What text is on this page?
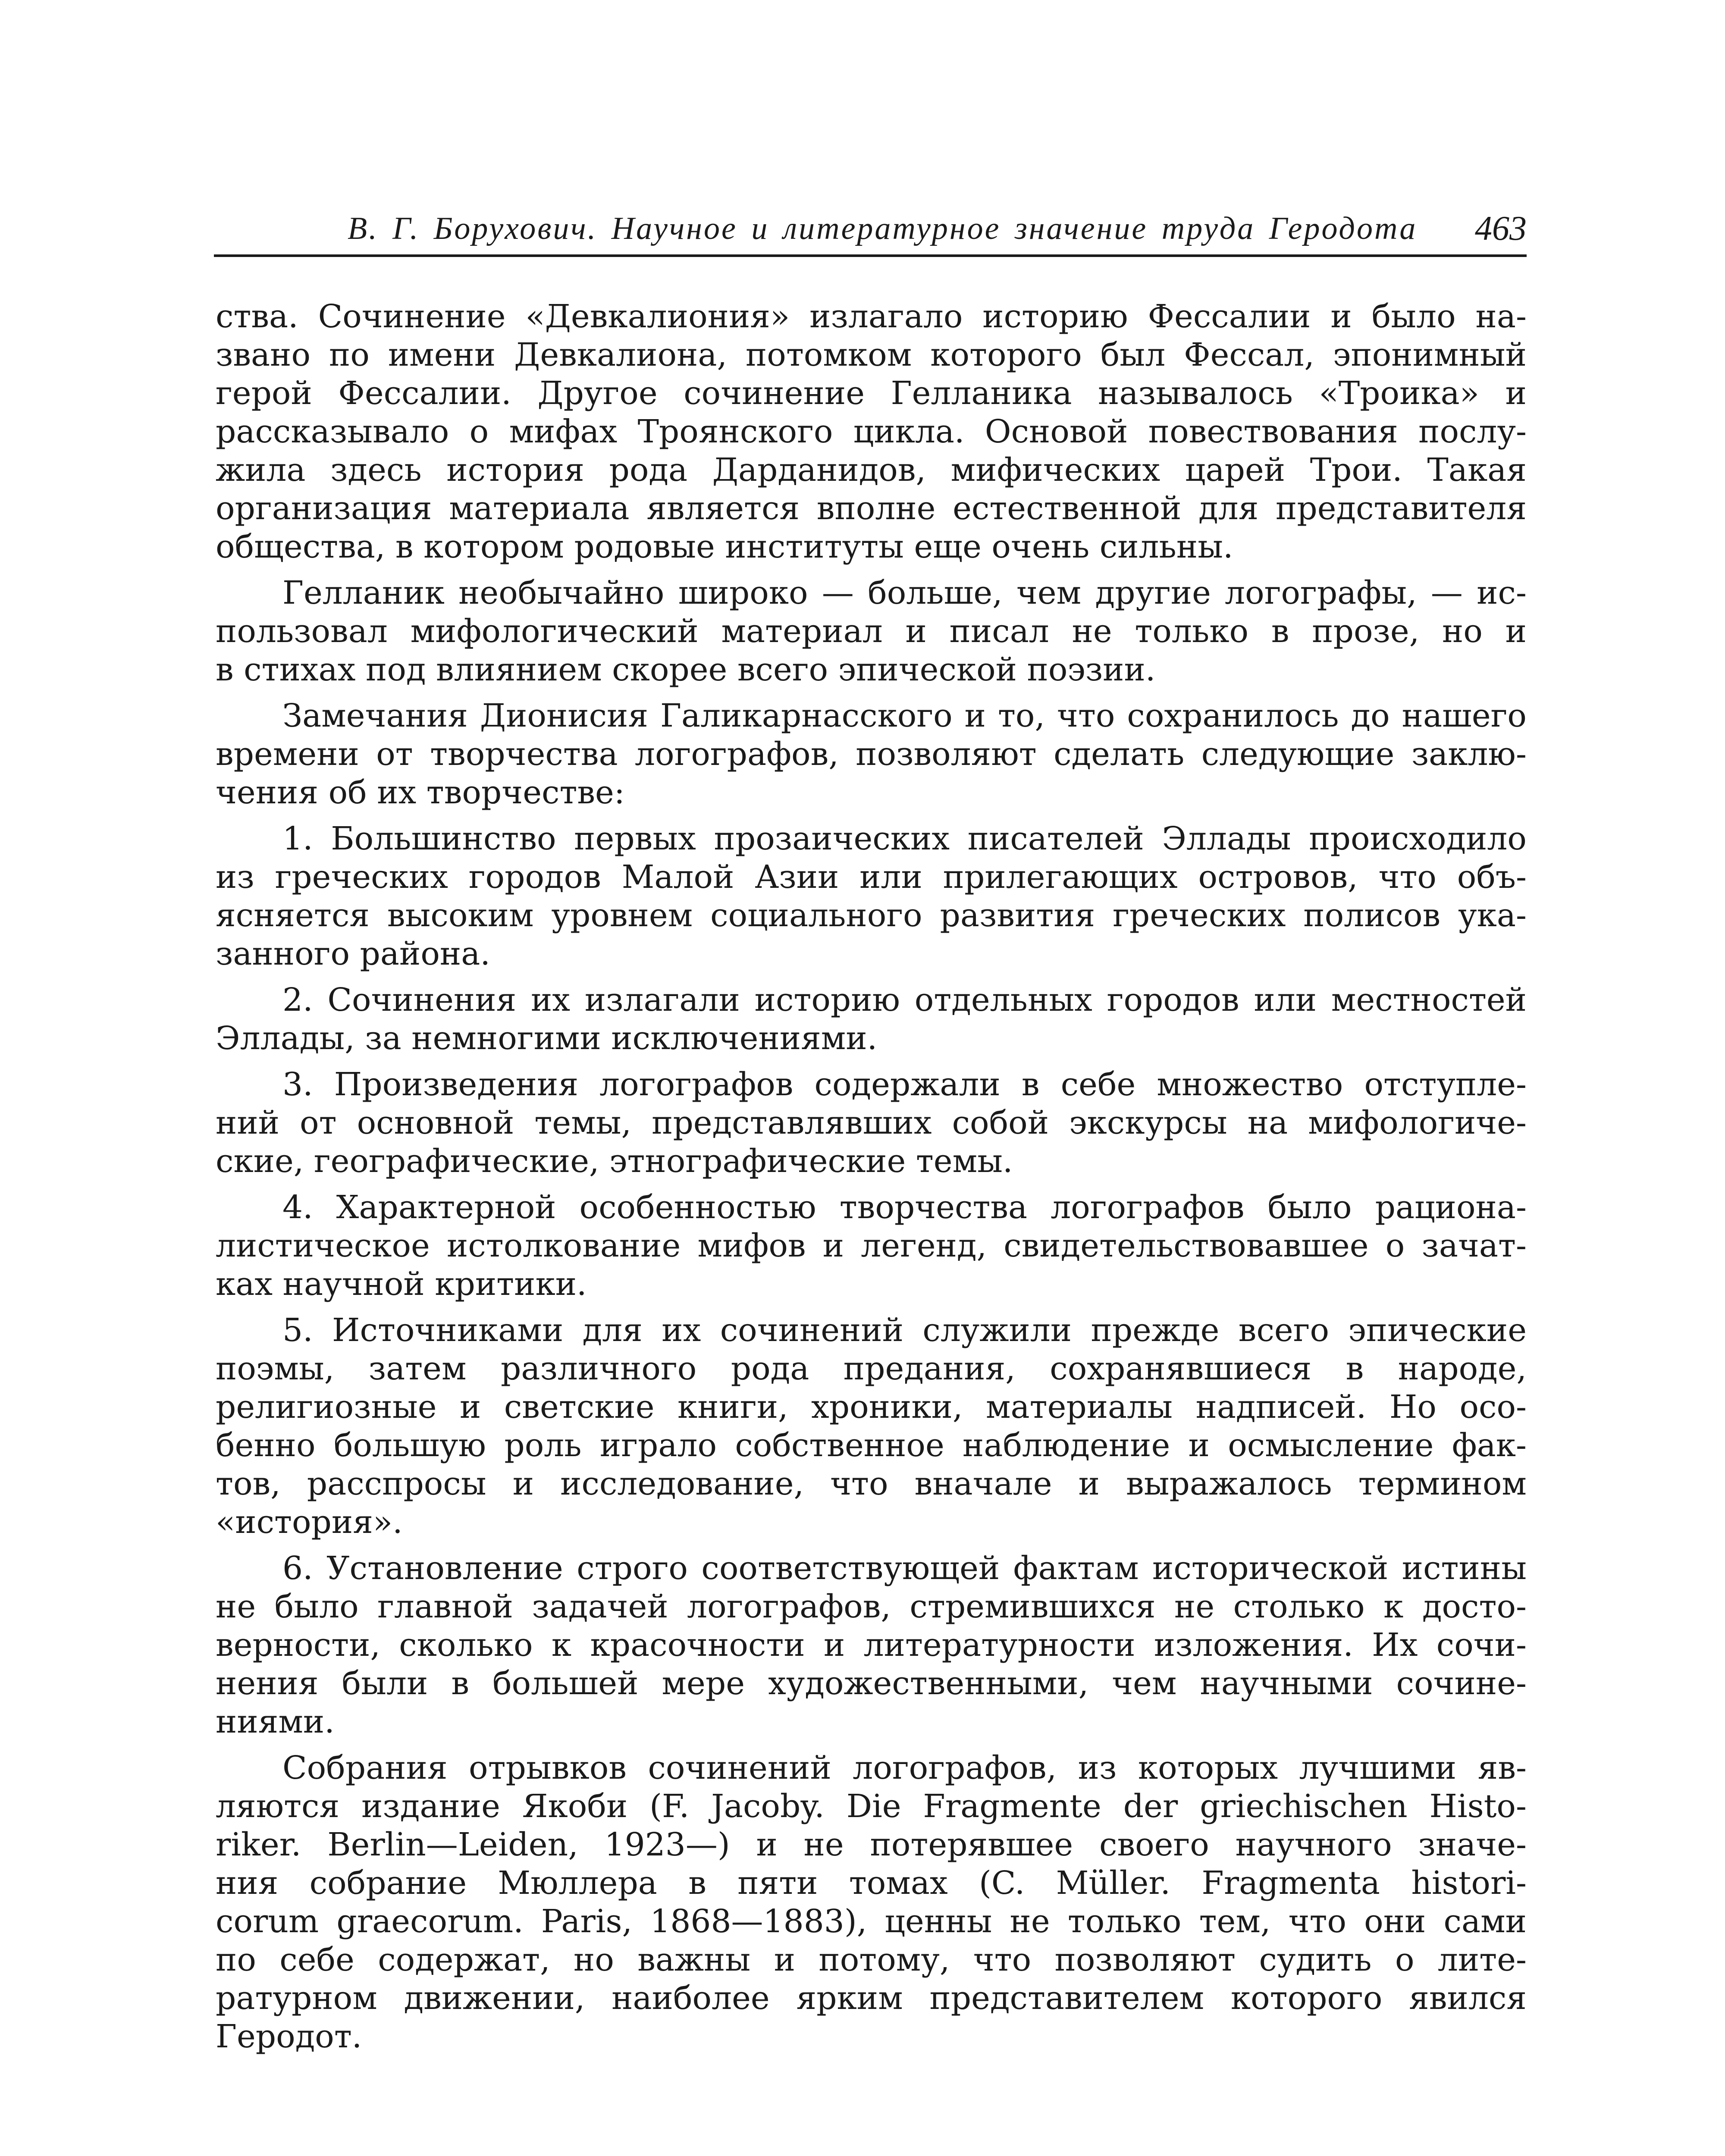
В. Г. Борухович. Научное и литературное значение труда Геродота 463
ства. Сочинение «Девкалиония» излагало историю Фессалии и было на-
звано по имени Девкалиона, потомком которого был Фессал, эпонимный
герой Фессалии. Другое сочинение Гелланика называлось «Троика» и
рассказывало о мифах Троянского цикла. Основой повествования послу-
жила здесь история рода Дарданидов, мифических царей Трои. Такая
организация материала является вполне естественной для представителя
общества, в котором родовые институты еще очень сильны.
Гелланик необычайно широко — больше, чем другие логографы, — ис-
пользовал мифологический материал и писал не только в прозе, но и
в стихах под влиянием скорее всего эпической поэзии.
Замечания Дионисия Галикарнасского и то, что сохранилось до нашего
времени от творчества логографов, позволяют сделать следующие заклю-
чения об их творчестве:
1. Большинство первых прозаических писателей Эллады происходило
из греческих городов Малой Азии или прилегающих островов, что объ-
ясняется высоким уровнем социального развития греческих полисов ука-
занного района.
2. Сочинения их излагали историю отдельных городов или местностей
Эллады, за немногими исключениями.
3. Произведения логографов содержали в себе множество отступле-
ний от основной темы, представлявших собой экскурсы на мифологиче-
ские, географические, этнографические темы.
4. Характерной особенностью творчества логографов было рациона-
листическое истолкование мифов и легенд, свидетельствовавшее о зачат-
ках научной критики.
5. Источниками для их сочинений служили прежде всего эпические
поэмы, затем различного рода предания, сохранявшиеся в народе,
религиозные и светские книги, хроники, материалы надписей. Но осо-
бенно большую роль играло собственное наблюдение и осмысление фак-
тов, расспросы и исследование, что вначале и выражалось термином
«история».
6. Установление строго соответствующей фактам исторической истины
не было главной задачей логографов, стремившихся не столько к досто-
верности, сколько к красочности и литературности изложения. Их сочи-
нения были в большей мере художественными, чем научными сочине-
ниями.
Собрания отрывков сочинений логографов, из которых лучшими яв-
ляются издание Якоби (F. Jacoby. Die Fragmente der griechischen Histo-
riker. Berlin—Leiden, 1923—) и не потерявшее своего научного значе-
ния собрание Мюллера в пяти томах (C. Müller. Fragmenta histori-
corum graecorum. Paris, 1868—1883), ценны не только тем, что они сами
по себе содержат, но важны и потому, что позволяют судить о лите-
ратурном движении, наиболее ярким представителем которого явился
Геродот.
